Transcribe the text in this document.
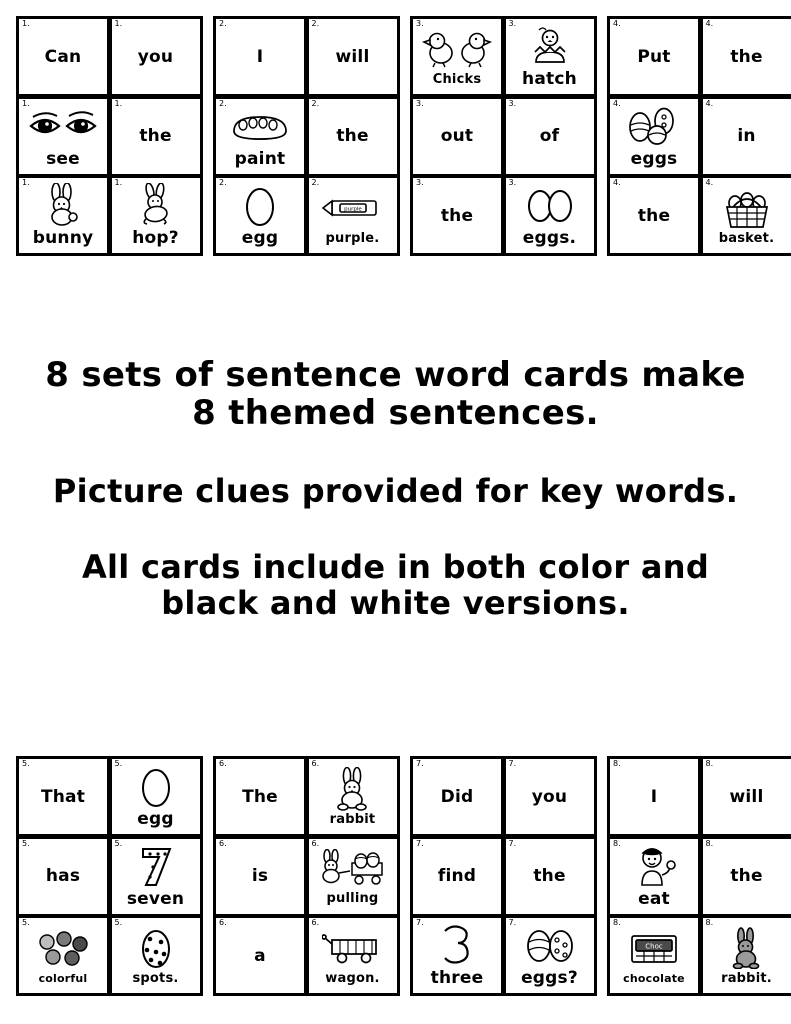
1.
Can
1.
see
1.
bunny
1.
you
1.
the
1.
hop?
2.
I
2.
paint
2.
egg
2.
will
2.
the
2.
purple
purple.
3.
Chicks
3.
out
3.
the
3.
hatch
3.
of
3.
eggs.
4.
Put
4.
eggs
4.
the
4.
the
4.
in
4.
basket.
8 sets of sentence word cards make
8 themed sentences.
Picture clues provided for key words.
All cards include in both color and
black and white versions.
5.
That
5.
has
5.
colorful
5.
egg
5.
seven
5.
spots.
6.
The
6.
is
6.
a
6.
rabbit
6.
pulling
6.
wagon.
7.
Did
7.
find
7.
three
7.
you
7.
the
7.
eggs?
8.
I
8.
eat
8.
Choc
chocolate
8.
will
8.
the
8.
rabbit.
